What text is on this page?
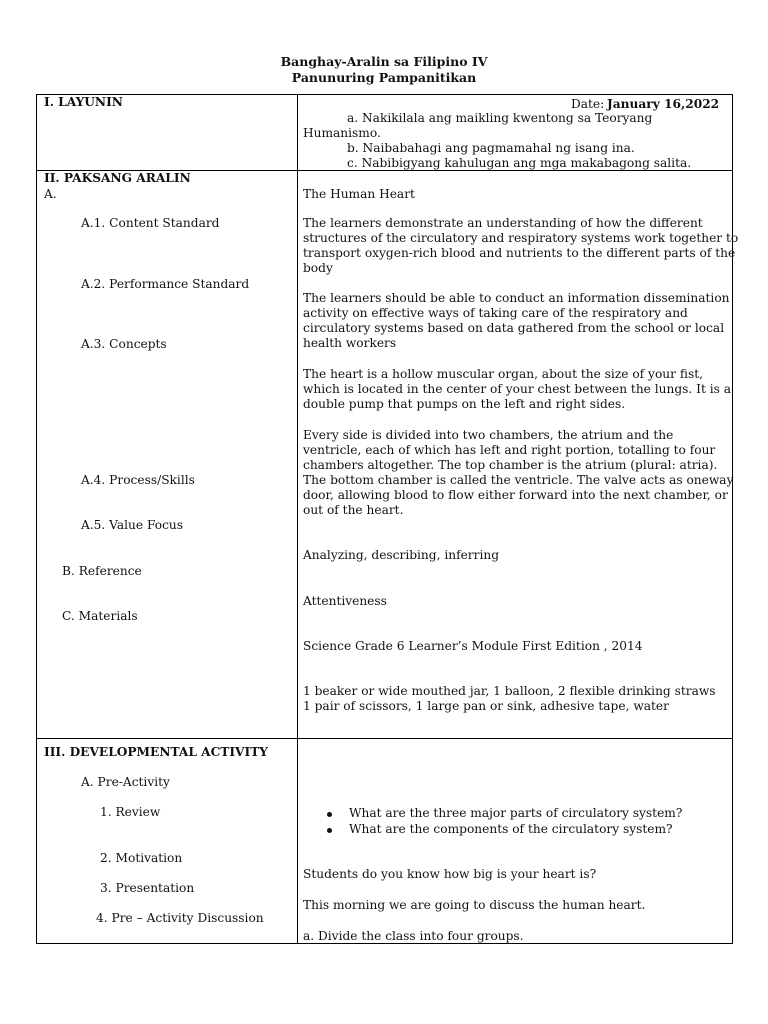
Banghay-Aralin sa Filipino IV
Panunuring Pampanitikan
I. LAYUNIN	Date: January 16,2022
a. Nakikilala ang maikling kwentong sa Teoryang
Humanismo.
b. Naibabahagi ang pagmamahal ng isang ina.
c. Nabibigyang kahulugan ang mga makabagong salita.
II. PAKSANG ARALIN
A.
A.1. Content Standard
A.2. Performance Standard
A.3. Concepts
A.4. Process/Skills
A.5. Value Focus
B. Reference
C. Materials
The Human Heart
The learners demonstrate an understanding of how the different
structures of the circulatory and respiratory systems work together to
transport oxygen-rich blood and nutrients to the different parts of the
body
The learners should be able to conduct an information dissemination
activity on effective ways of taking care of the respiratory and
circulatory systems based on data gathered from the school or local
health workers
The heart is a hollow muscular organ, about the size of your fist,
which is located in the center of your chest between the lungs. It is a
double pump that pumps on the left and right sides.
Every side is divided into two chambers, the atrium and the
ventricle, each of which has left and right portion, totalling to four
chambers altogether. The top chamber is the atrium (plural: atria).
The bottom chamber is called the ventricle. The valve acts as oneway
door, allowing blood to flow either forward into the next chamber, or
out of the heart.
Analyzing, describing, inferring
Attentiveness
Science Grade 6 Learner’s Module First Edition , 2014
1 beaker or wide mouthed jar, 1 balloon, 2 flexible drinking straws
1 pair of scissors, 1 large pan or sink, adhesive tape, water
III. DEVELOPMENTAL ACTIVITY
A. Pre-Activity
1. Review
2. Motivation
3. Presentation
4. Pre – Activity Discussion
What are the three major parts of circulatory system?
What are the components of the circulatory system?
Students do you know how big is your heart is?
This morning we are going to discuss the human heart.
a. Divide the class into four groups.
